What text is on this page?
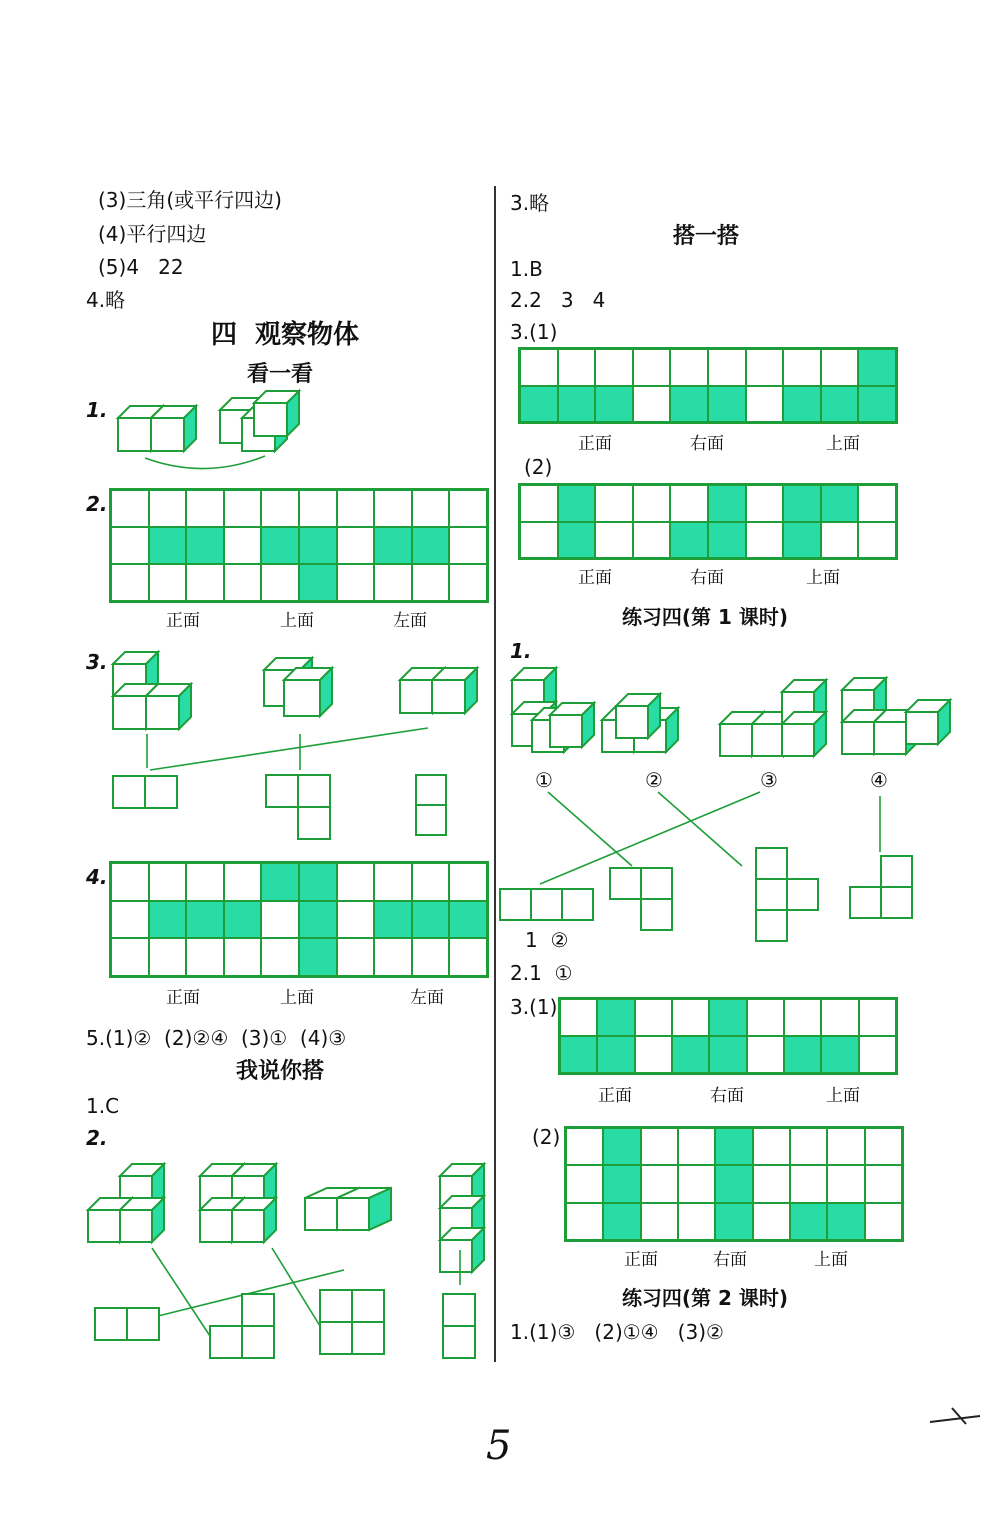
(3)三角(或平行四边)
(4)平行四边
(5)4   22
4.略
四  观察物体
看一看
1.
2.
正面	上面	左面
3.
4.
正面	上面	左面
5.(1)②  (2)②④  (3)①  (4)③
我说你搭
1.C
2.
3.略
搭一搭
1.B
2.2   3   4
3.(1)
正面	右面	上面
(2)
正面	右面	上面
练习四(第 1 课时)
1.
①	②	③	④
1  ②
2.1  ①
3.(1)
正面	右面	上面
(2)
正面	右面	上面
练习四(第 2 课时)
1.(1)③   (2)①④   (3)②
5
